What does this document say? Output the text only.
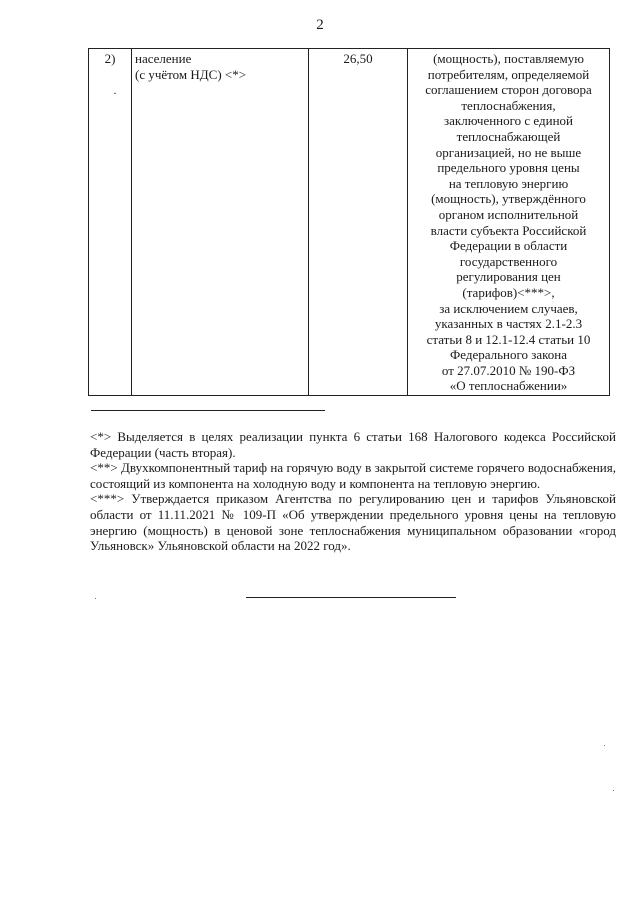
2
2)	население
(с учётом НДС) <*>
	26,50	(мощность), поставляемую
потребителям, определяемой
соглашением сторон договора
теплоснабжения,
заключенного с единой
теплоснабжающей
организацией, но не выше
предельного уровня цены
на тепловую энергию
(мощность), утверждённого
органом исполнительной
власти субъекта Российской
Федерации в области
государственного
регулирования цен
(тарифов)<***>,
за исключением случаев,
указанных в частях 2.1-2.3
статьи 8 и 12.1-12.4 статьи 10
Федерального закона
от 27.07.2010 № 190-ФЗ
«О теплоснабжении»
·

<*> Выделяется в целях реализации пункта 6 статьи 168 Налогового кодекса Российской Федерации (часть вторая).

<**> Двухкомпонентный тариф на горячую воду в закрытой системе горячего водоснабжения, состоящий из компонента на холодную воду и компонента на тепловую энергию.

<***> Утверждается приказом Агентства по регулированию цен и тарифов Ульяновской области от 11.11.2021 № 109-П «Об утверждении предельного уровня цены на тепловую энергию (мощность) в ценовой зоне теплоснабжения муниципальном образовании «город Ульяновск» Ульяновской области на 2022 год».
